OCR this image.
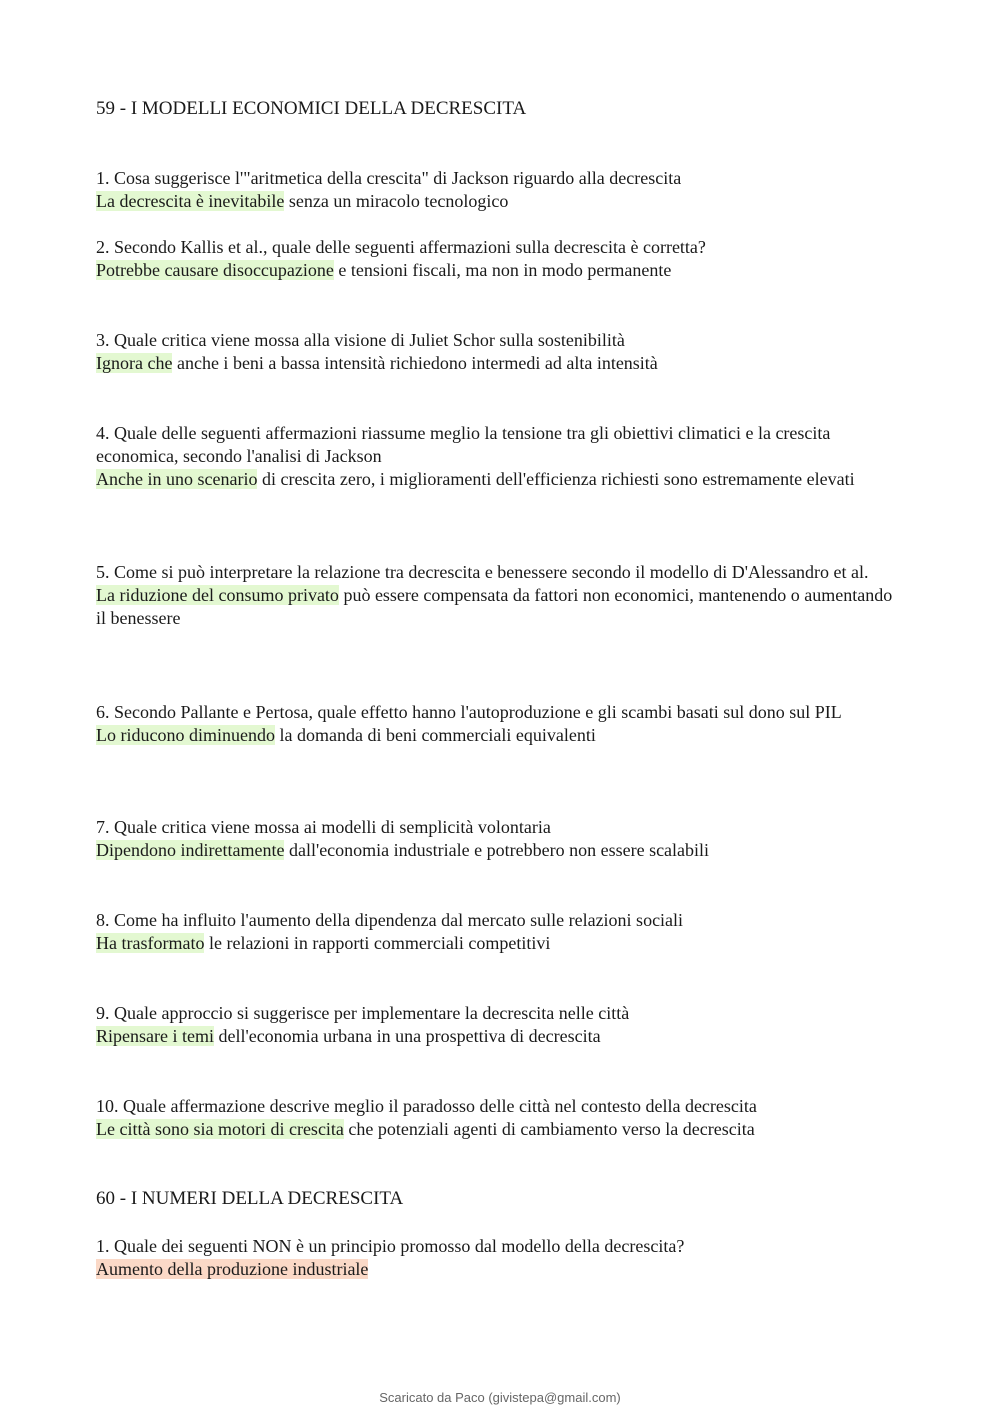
59 - I MODELLI ECONOMICI DELLA DECRESCITA

1. Cosa suggerisce l'"aritmetica della crescita" di Jackson riguardo alla decrescita

La decrescita è inevitabile senza un miracolo tecnologico

2. Secondo Kallis et al., quale delle seguenti affermazioni sulla decrescita è corretta?

Potrebbe causare disoccupazione e tensioni fiscali, ma non in modo permanente

3. Quale critica viene mossa alla visione di Juliet Schor sulla sostenibilità

Ignora che anche i beni a bassa intensità richiedono intermedi ad alta intensità

4. Quale delle seguenti affermazioni riassume meglio la tensione tra gli obiettivi climatici e la crescita economica, secondo l'analisi di Jackson

Anche in uno scenario di crescita zero, i miglioramenti dell'efficienza richiesti sono estremamente elevati

5. Come si può interpretare la relazione tra decrescita e benessere secondo il modello di D'Alessandro et al.

La riduzione del consumo privato può essere compensata da fattori non economici, mantenendo o aumentando il benessere

6. Secondo Pallante e Pertosa, quale effetto hanno l'autoproduzione e gli scambi basati sul dono sul PIL

Lo riducono diminuendo la domanda di beni commerciali equivalenti

7. Quale critica viene mossa ai modelli di semplicità volontaria

Dipendono indirettamente dall'economia industriale e potrebbero non essere scalabili

8. Come ha influito l'aumento della dipendenza dal mercato sulle relazioni sociali

Ha trasformato le relazioni in rapporti commerciali competitivi

9. Quale approccio si suggerisce per implementare la decrescita nelle città

Ripensare i temi dell'economia urbana in una prospettiva di decrescita

10. Quale affermazione descrive meglio il paradosso delle città nel contesto della decrescita

Le città sono sia motori di crescita che potenziali agenti di cambiamento verso la decrescita

60 - I NUMERI DELLA DECRESCITA

1. Quale dei seguenti NON è un principio promosso dal modello della decrescita?

Aumento della produzione industriale

Scaricato da Paco (givistepa@gmail.com)
